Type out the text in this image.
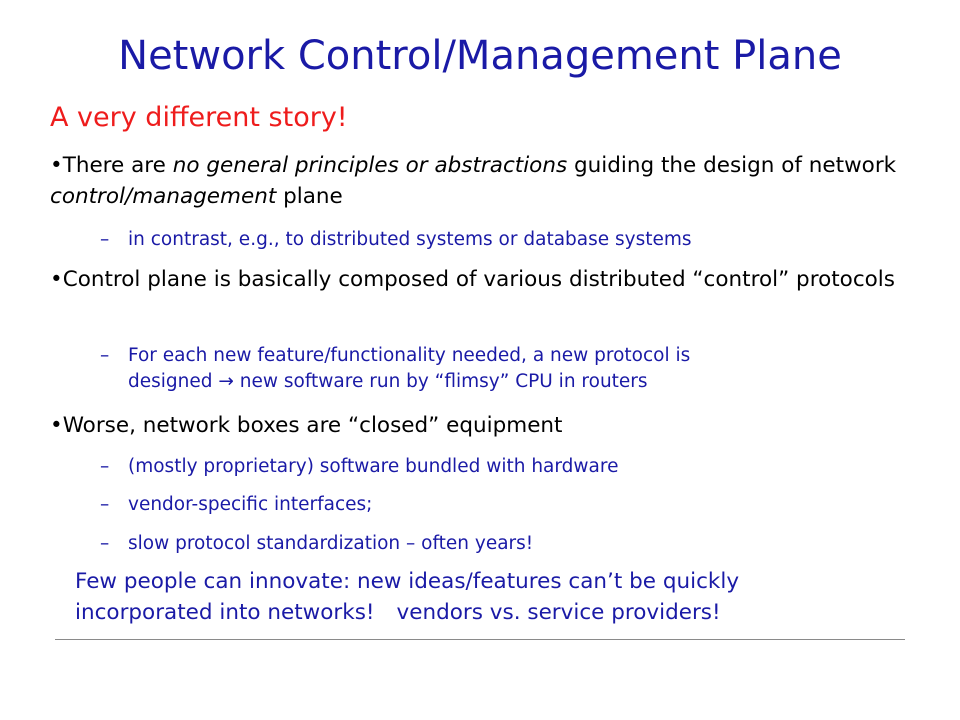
Network Control/Management Plane
A very different story!
•There are no general principles or abstractions guiding the design of network control/management plane
–	in contrast, e.g., to distributed systems or database systems
•Control plane is basically composed of various distributed “control” protocols
–	For each new feature/functionality needed, a new protocol is
designed → new software run by “flimsy” CPU in routers
•Worse, network boxes are “closed” equipment
–	(mostly proprietary) software bundled with hardware
–	vendor-specific interfaces;
–	slow protocol standardization – often years!
Few people can innovate: new ideas/features can’t be quickly
incorporated into networks! vendors vs. service providers!
